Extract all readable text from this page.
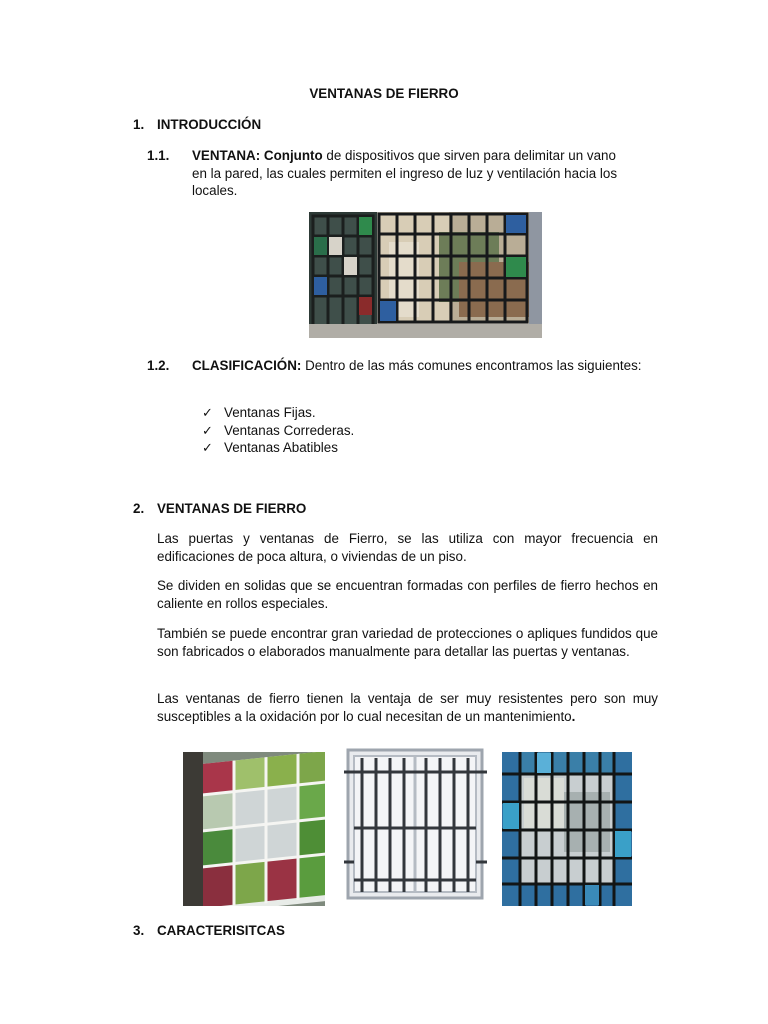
VENTANAS DE FIERRO
1. INTRODUCCIÓN
1.1. VENTANA: Conjunto de dispositivos que sirven para delimitar un vano
en la pared, las cuales permiten el ingreso de luz y ventilación hacia los
locales.
1.2. CLASIFICACIÓN: Dentro de las más comunes encontramos las siguientes:
✓ Ventanas Fijas.
✓ Ventanas Correderas.
✓ Ventanas Abatibles
2. VENTANAS DE FIERRO
Las puertas y ventanas de Fierro, se las utiliza con mayor frecuencia en edificaciones de poca altura, o viviendas de un piso.
Se dividen en solidas que se encuentran formadas con perfiles de fierro hechos en caliente en rollos especiales.
También se puede encontrar gran variedad de protecciones o apliques fundidos que son fabricados o elaborados manualmente para detallar las puertas y ventanas.
Las ventanas de fierro tienen la ventaja de ser muy resistentes pero son muy susceptibles a la oxidación por lo cual necesitan de un mantenimiento.
3. CARACTERISITCAS
